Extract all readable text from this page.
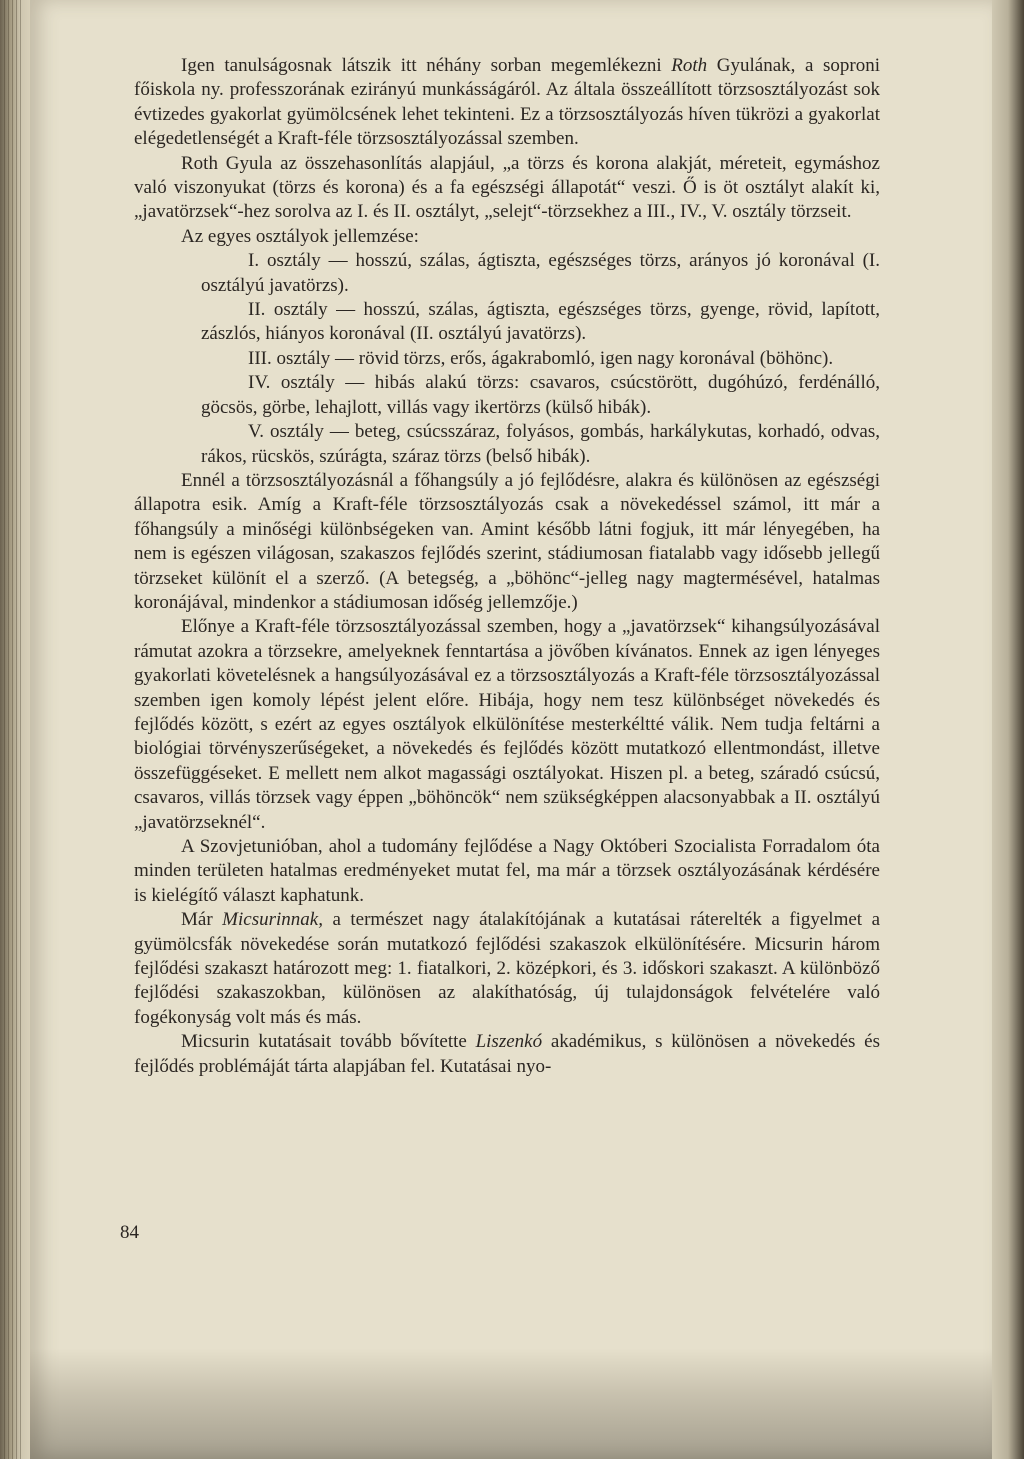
Igen tanulságosnak látszik itt néhány sorban megemlékezni Roth Gyulának, a soproni főiskola ny. professzorának ezirányú munkásságáról. Az általa összeállított törzsosztályozást sok évtizedes gyakorlat gyümölcsének lehet tekinteni. Ez a törzsosztályozás híven tükrözi a gyakorlat elégedetlenségét a Kraft-féle törzsosztályozással szemben.

Roth Gyula az összehasonlítás alapjául, „a törzs és korona alakját, méreteit, egymáshoz való viszonyukat (törzs és korona) és a fa egészségi állapotát“ veszi. Ő is öt osztályt alakít ki, „javatörzsek“-hez sorolva az I. és II. osztályt, „selejt“-törzsekhez a III., IV., V. osztály törzseit.

Az egyes osztályok jellemzése:

I. osztály — hosszú, szálas, ágtiszta, egészséges törzs, arányos jó koronával (I. osztályú javatörzs).

II. osztály — hosszú, szálas, ágtiszta, egészséges törzs, gyenge, rövid, lapított, zászlós, hiányos koronával (II. osztályú javatörzs).

III. osztály — rövid törzs, erős, ágakrabomló, igen nagy koronával (böhönc).

IV. osztály — hibás alakú törzs: csavaros, csúcstörött, dugóhúzó, ferdénálló, göcsös, görbe, lehajlott, villás vagy ikertörzs (külső hibák).

V. osztály — beteg, csúcsszáraz, folyásos, gombás, harkálykutas, korhadó, odvas, rákos, rücskös, szúrágta, száraz törzs (belső hibák).

Ennél a törzsosztályozásnál a főhangsúly a jó fejlődésre, alakra és különösen az egészségi állapotra esik. Amíg a Kraft-féle törzsosztályozás csak a növekedéssel számol, itt már a főhangsúly a minőségi különbségeken van. Amint később látni fogjuk, itt már lényegében, ha nem is egészen világosan, szakaszos fejlődés szerint, stádiumosan fiatalabb vagy idősebb jellegű törzseket különít el a szerző. (A betegség, a „böhönc“-jelleg nagy magtermésével, hatalmas koronájával, mindenkor a stádiumosan időség jellemzője.)

Előnye a Kraft-féle törzsosztályozással szemben, hogy a „javatörzsek“ kihangsúlyozásával rámutat azokra a törzsekre, amelyeknek fenntartása a jövőben kívánatos. Ennek az igen lényeges gyakorlati követelésnek a hangsúlyozásával ez a törzsosztályozás a Kraft-féle törzsosztályozással szemben igen komoly lépést jelent előre. Hibája, hogy nem tesz különbséget növekedés és fejlődés között, s ezért az egyes osztályok elkülönítése mesterkéltté válik. Nem tudja feltárni a biológiai törvényszerűségeket, a növekedés és fejlődés között mutatkozó ellentmondást, illetve összefüggéseket. E mellett nem alkot magassági osztályokat. Hiszen pl. a beteg, száradó csúcsú, csavaros, villás törzsek vagy éppen „böhöncök“ nem szükségképpen alacsonyabbak a II. osztályú „javatörzseknél“.

A Szovjetunióban, ahol a tudomány fejlődése a Nagy Októberi Szocialista Forradalom óta minden területen hatalmas eredményeket mutat fel, ma már a törzsek osztályozásának kérdésére is kielégítő választ kaphatunk.

Már Micsurinnak, a természet nagy átalakítójának a kutatásai ráterelték a figyelmet a gyümölcsfák növekedése során mutatkozó fejlődési szakaszok elkülönítésére. Micsurin három fejlődési szakaszt határozott meg: 1. fiatalkori, 2. középkori, és 3. időskori szakaszt. A különböző fejlődési szakaszokban, különösen az alakíthatóság, új tulajdonságok felvételére való fogékonyság volt más és más.

Micsurin kutatásait tovább bővítette Liszenkó akadémikus, s különösen a növekedés és fejlődés problémáját tárta alapjában fel. Kutatásai nyo-

84
